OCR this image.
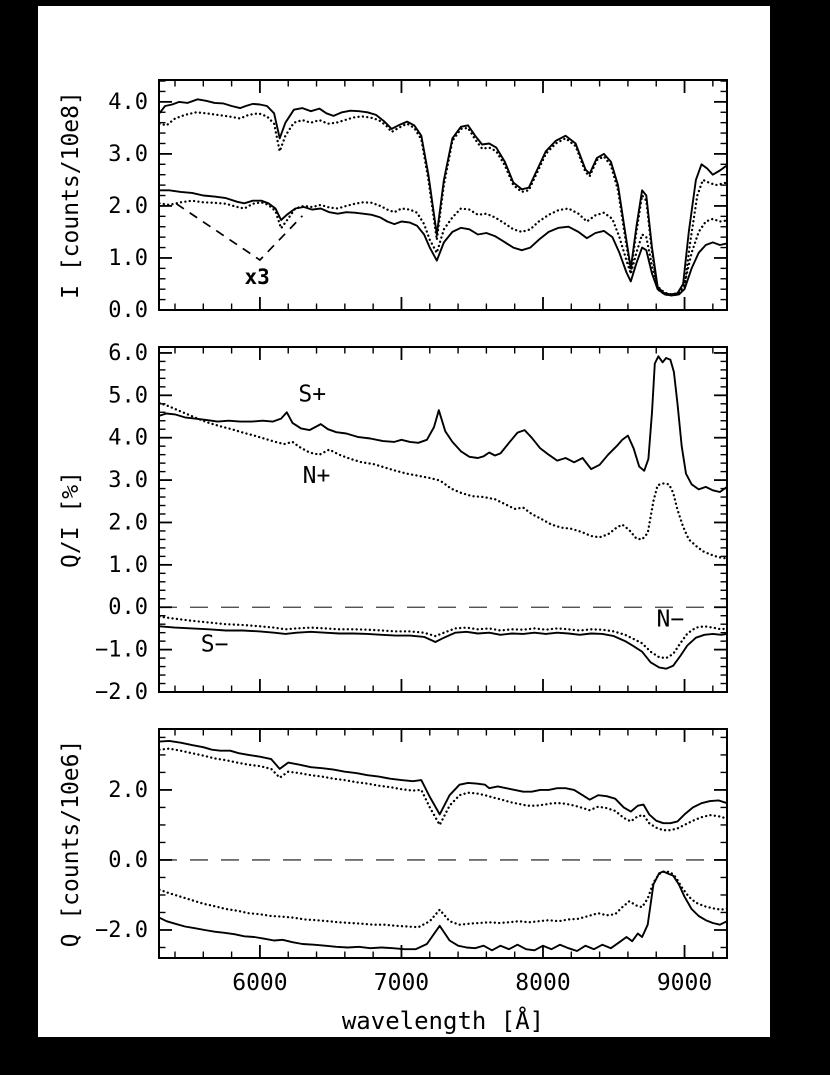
0.0
1.0
2.0
3.0
4.0
I [counts/10e8]	x3
−2.0
−1.0
0.0
1.0
2.0
3.0
4.0
5.0
6.0
Q/I [%]
S+
N+
S−
N−
−2.0
0.0
2.0
6000	7000	8000	9000
Q [counts/10e6]
wavelength [Å]
